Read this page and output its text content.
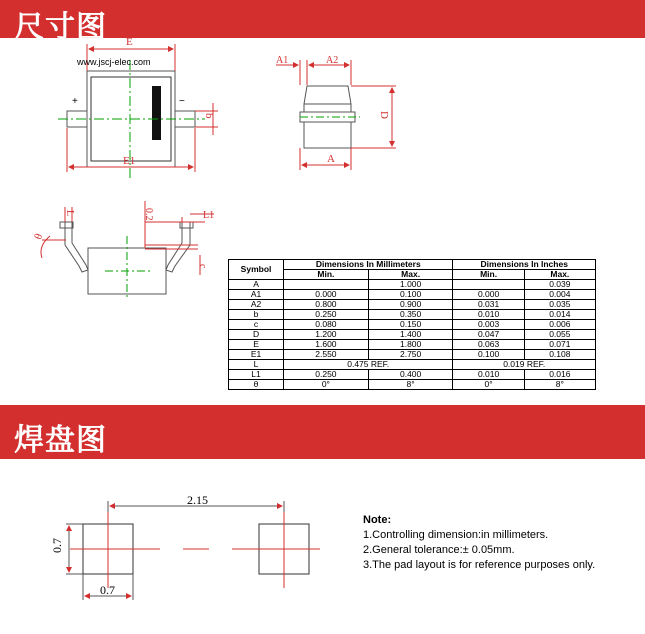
尺寸图
焊盘图
E
www.jscj-elec.com
E1
b
+	−
A1	A2
A
D
θ
L	0.2	L1
c
2.15
0.7
0.7
Symbol	Dimensions In Millimeters		Dimensions In Inches	
	Min.	Max.	Min.	Max.
A		1.000		0.039
A1	0.000	0.100	0.000	0.004
A2	0.800	0.900	0.031	0.035
b	0.250	0.350	0.010	0.014
c	0.080	0.150	0.003	0.006
D	1.200	1.400	0.047	0.055
E	1.600	1.800	0.063	0.071
E1	2.550	2.750	0.100	0.108
L	0.475 REF.		0.019 REF.	
L1	0.250	0.400	0.010	0.016
θ	0°	8°	0°	8°
Note:
1.Controlling dimension:in millimeters.
2.General tolerance:± 0.05mm.
3.The pad layout is for reference purposes only.
